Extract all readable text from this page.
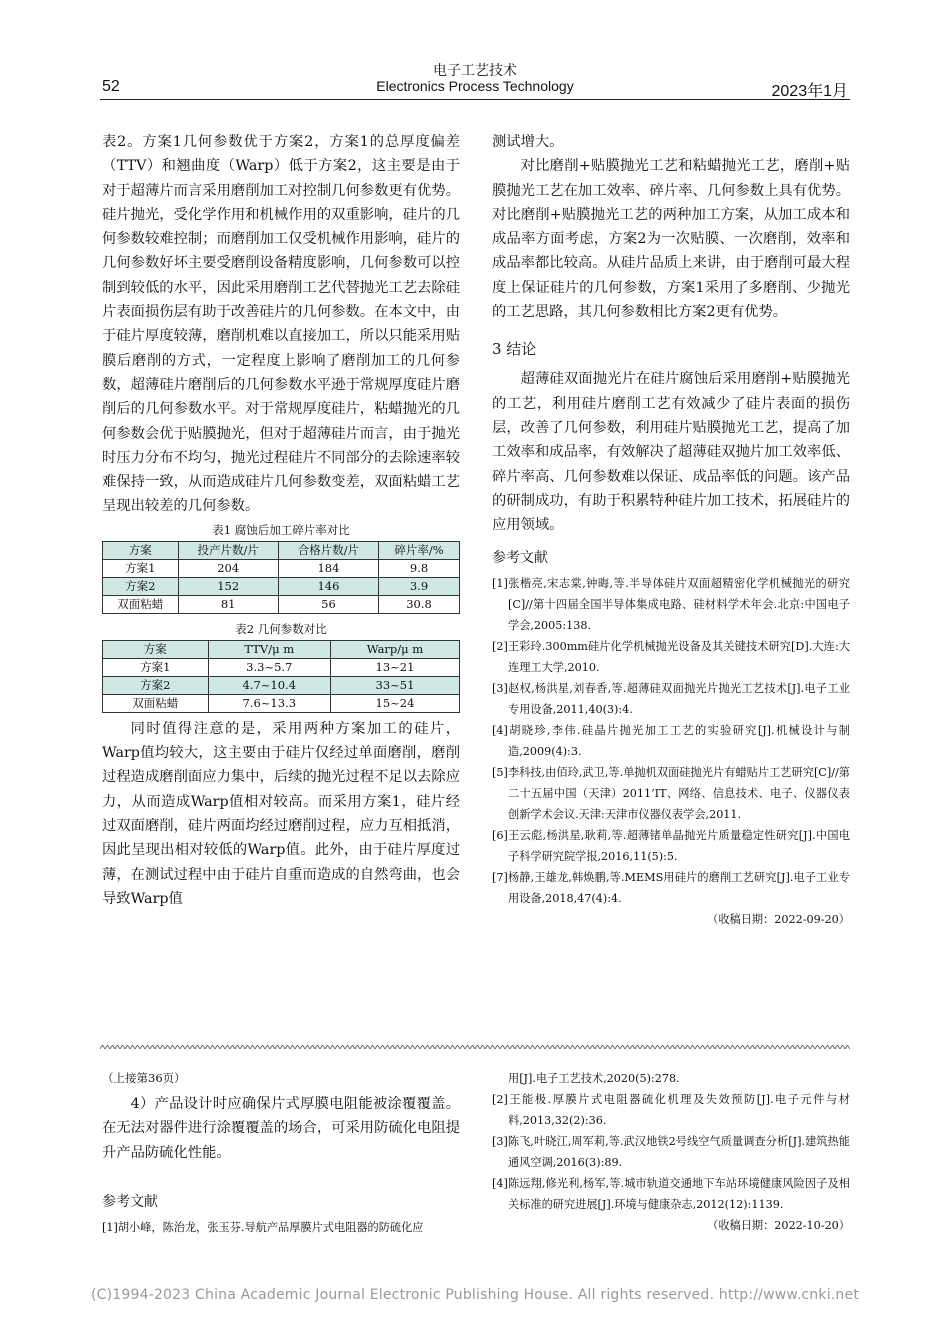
52
电子工艺技术
Electronics Process Technology	2023年1月

表2。方案1几何参数优于方案2，方案1的总厚度偏差（TTV）和翘曲度（Warp）低于方案2，这主要是由于对于超薄片而言采用磨削加工对控制几何参数更有优势。硅片抛光，受化学作用和机械作用的双重影响，硅片的几何参数较难控制；而磨削加工仅受机械作用影响，硅片的几何参数好坏主要受磨削设备精度影响，几何参数可以控制到较低的水平，因此采用磨削工艺代替抛光工艺去除硅片表面损伤层有助于改善硅片的几何参数。在本文中，由于硅片厚度较薄，磨削机难以直接加工，所以只能采用贴膜后磨削的方式，一定程度上影响了磨削加工的几何参数，超薄硅片磨削后的几何参数水平逊于常规厚度硅片磨削后的几何参数水平。对于常规厚度硅片，粘蜡抛光的几何参数会优于贴膜抛光，但对于超薄硅片而言，由于抛光时压力分布不均匀，抛光过程硅片不同部分的去除速率较难保持一致，从而造成硅片几何参数变差，双面粘蜡工艺呈现出较差的几何参数。

表1 腐蚀后加工碎片率对比
方案	投产片数/片	合格片数/片	碎片率/%
方案1	204	184	9.8
方案2	152	146	3.9
双面粘蜡	81	56	30.8
表2 几何参数对比
方案	TTV/μ m	Warp/μ m
方案1	3.3~5.7	13~21
方案2	4.7~10.4	33~51
双面粘蜡	7.6~13.3	15~24

同时值得注意的是，采用两种方案加工的硅片，Warp值均较大，这主要由于硅片仅经过单面磨削，磨削过程造成磨削面应力集中，后续的抛光过程不足以去除应力，从而造成Warp值相对较高。而采用方案1，硅片经过双面磨削，硅片两面均经过磨削过程，应力互相抵消，因此呈现出相对较低的Warp值。此外，由于硅片厚度过薄，在测试过程中由于硅片自重而造成的自然弯曲，也会导致Warp值

测试增大。

对比磨削+贴膜抛光工艺和粘蜡抛光工艺，磨削+贴膜抛光工艺在加工效率、碎片率、几何参数上具有优势。对比磨削+贴膜抛光工艺的两种加工方案，从加工成本和成品率方面考虑，方案2为一次贴膜、一次磨削，效率和成品率都比较高。从硅片品质上来讲，由于磨削可最大程度上保证硅片的几何参数，方案1采用了多磨削、少抛光的工艺思路，其几何参数相比方案2更有优势。

3 结论

超薄硅双面抛光片在硅片腐蚀后采用磨削+贴膜抛光的工艺，利用硅片磨削工艺有效减少了硅片表面的损伤层，改善了几何参数，利用硅片贴膜抛光工艺，提高了加工效率和成品率，有效解决了超薄硅双抛片加工效率低、碎片率高、几何参数难以保证、成品率低的问题。该产品的研制成功，有助于积累特种硅片加工技术，拓展硅片的应用领域。

参考文献
[1]张楷亮,宋志棠,钟晦,等.半导体硅片双面超精密化学机械抛光的研究[C]//第十四届全国半导体集成电路、硅材料学术年会.北京:中国电子学会,2005:138.
[2]王彩玲.300mm硅片化学机械抛光设备及其关键技术研究[D].大连:大连理工大学,2010.
[3]赵权,杨洪星,刘春香,等.超薄硅双面抛光片抛光工艺技术[J].电子工业专用设备,2011,40(3):4.
[4]胡晓珍,李伟.硅晶片抛光加工工艺的实验研究[J].机械设计与制造,2009(4):3.
[5]李科技,由佰玲,武卫,等.单抛机双面硅抛光片有蜡贴片工艺研究[C]//第二十五届中国（天津）2011’IT、网络、信息技术、电子、仪器仪表创新学术会议.天津:天津市仪器仪表学会,2011.
[6]王云彪,杨洪星,耿莉,等.超薄锗单晶抛光片质量稳定性研究[J].中国电子科学研究院学报,2016,11(5):5.
[7]杨静,王雄龙,韩焕鹏,等.MEMS用硅片的磨削工艺研究[J].电子工业专用设备,2018,47(4):4.
（收稿日期：2022-09-20）
（上接第36页）

4）产品设计时应确保片式厚膜电阻能被涂覆覆盖。在无法对器件进行涂覆覆盖的场合，可采用防硫化电阻提升产品防硫化性能。

参考文献
[1]胡小峰，陈治龙，张玉芬.导航产品厚膜片式电阻器的防硫化应
用[J].电子工艺技术,2020(5):278.
[2]王能极.厚膜片式电阻器硫化机理及失效预防[J].电子元件与材料,2013,32(2):36.
[3]陈飞,叶晓江,周军莉,等.武汉地铁2号线空气质量调查分析[J].建筑热能通风空调,2016(3):89.
[4]陈远翔,修光利,杨军,等.城市轨道交通地下车站环境健康风险因子及相关标准的研究进展[J].环境与健康杂志,2012(12):1139.
（收稿日期：2022-10-20）
(C)1994-2023 China Academic Journal Electronic Publishing House. All rights reserved. http://www.cnki.net
